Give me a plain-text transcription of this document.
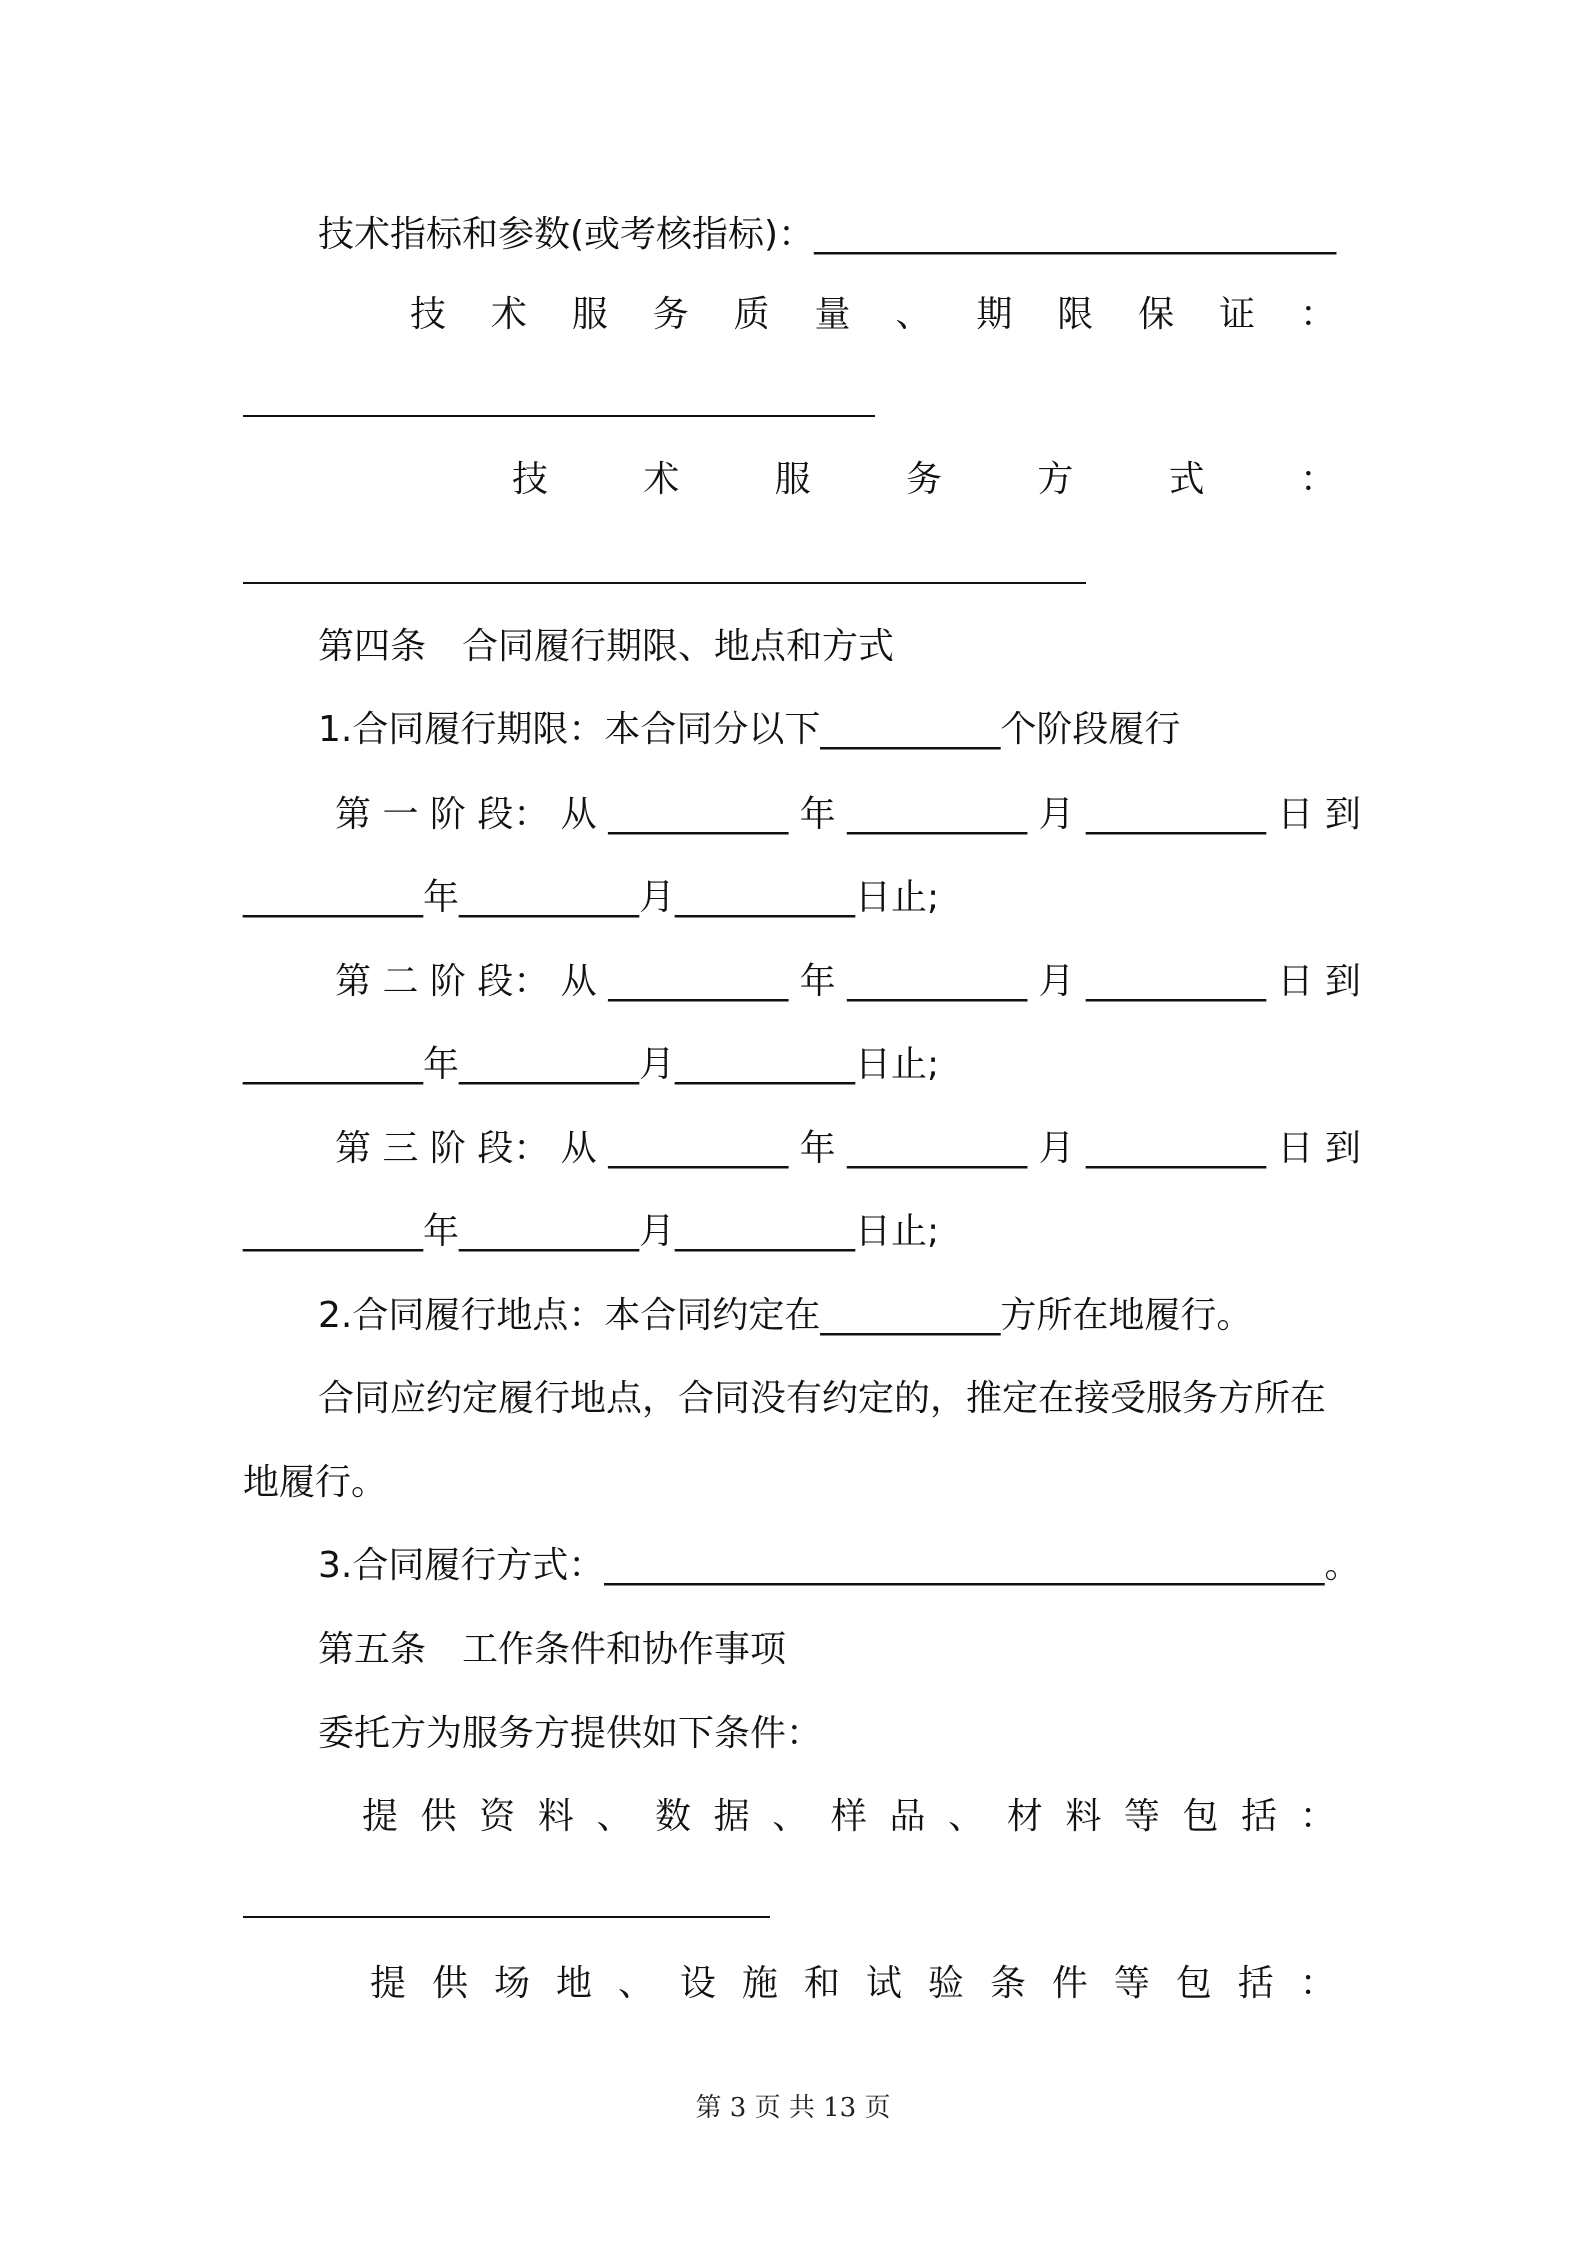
技术指标和参数(或考核指标)：_____________________________
技 术 服 务 质 量 、 期 限 保 证 ：
技	术	服	务	方	式	：
第四条　合同履行期限、地点和方式
1.合同履行期限：本合同分以下__________个阶段履行
第 一 阶 段： 从 __________ 年 __________ 月 __________ 日 到
__________年__________月__________日止;
第 二 阶 段： 从 __________ 年 __________ 月 __________ 日 到
__________年__________月__________日止;
第 三 阶 段： 从 __________ 年 __________ 月 __________ 日 到
__________年__________月__________日止;
2.合同履行地点：本合同约定在__________方所在地履行。
合同应约定履行地点，合同没有约定的，推定在接受服务方所在
地履行。
3.合同履行方式：________________________________________。
第五条　工作条件和协作事项
委托方为服务方提供如下条件：
提 供 资 料 、 数 据 、 样 品 、 材 料 等 包 括 ：
提 供 场 地 、 设 施 和 试 验 条 件 等 包 括 ：
第 3 页 共 13 页
